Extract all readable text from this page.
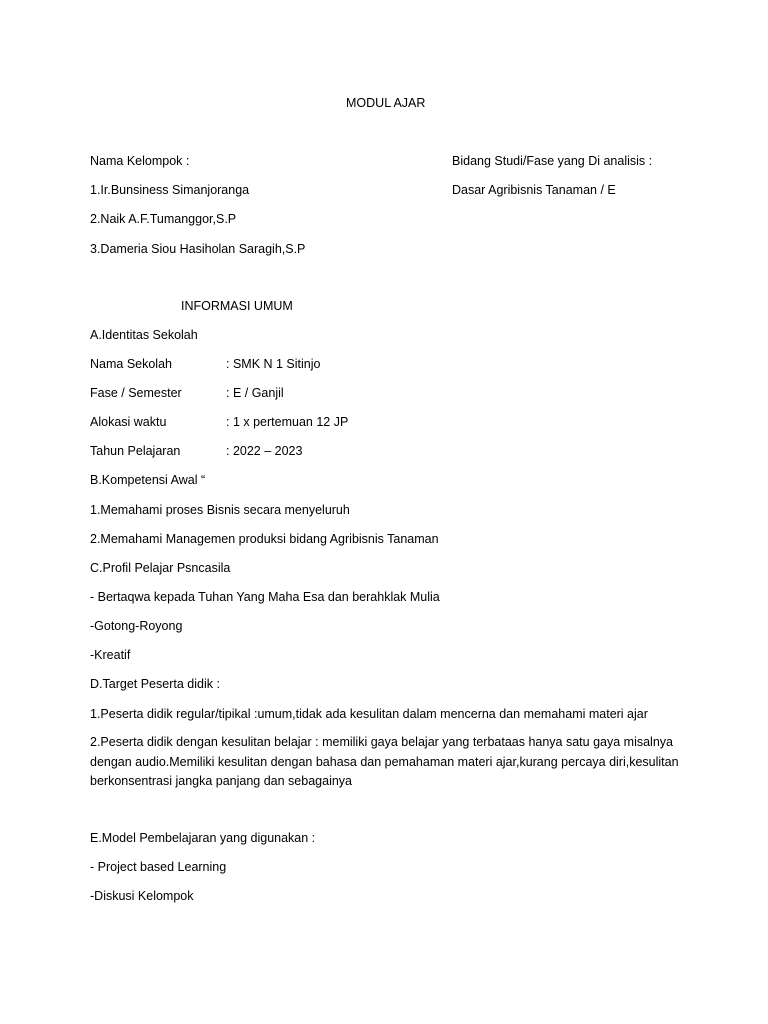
MODUL AJAR

Nama Kelompok :	Bidang Studi/Fase yang Di analisis :

1.Ir.Bunsiness Simanjoranga	Dasar Agribisnis Tanaman / E

2.Naik A.F.Tumanggor,S.P

3.Dameria Siou Hasiholan Saragih,S.P

INFORMASI UMUM

A.Identitas Sekolah

Nama Sekolah	: SMK N 1 Sitinjo

Fase / Semester	: E / Ganjil

Alokasi waktu	: 1 x pertemuan 12 JP

Tahun Pelajaran	: 2022 – 2023

B.Kompetensi Awal “

1.Memahami proses Bisnis secara menyeluruh

2.Memahami Managemen produksi bidang Agribisnis Tanaman

C.Profil Pelajar Psncasila

- Bertaqwa kepada Tuhan Yang Maha Esa dan berahklak Mulia

-Gotong-Royong

-Kreatif

D.Target Peserta didik :

1.Peserta didik regular/tipikal :umum,tidak ada kesulitan dalam mencerna dan memahami materi ajar

2.Peserta didik dengan kesulitan belajar : memiliki gaya belajar yang terbataas hanya satu gaya misalnya dengan audio.Memiliki kesulitan dengan bahasa dan pemahaman materi ajar,kurang percaya diri,kesulitan berkonsentrasi jangka panjang dan sebagainya

E.Model Pembelajaran yang digunakan :

- Project based Learning

-Diskusi Kelompok
